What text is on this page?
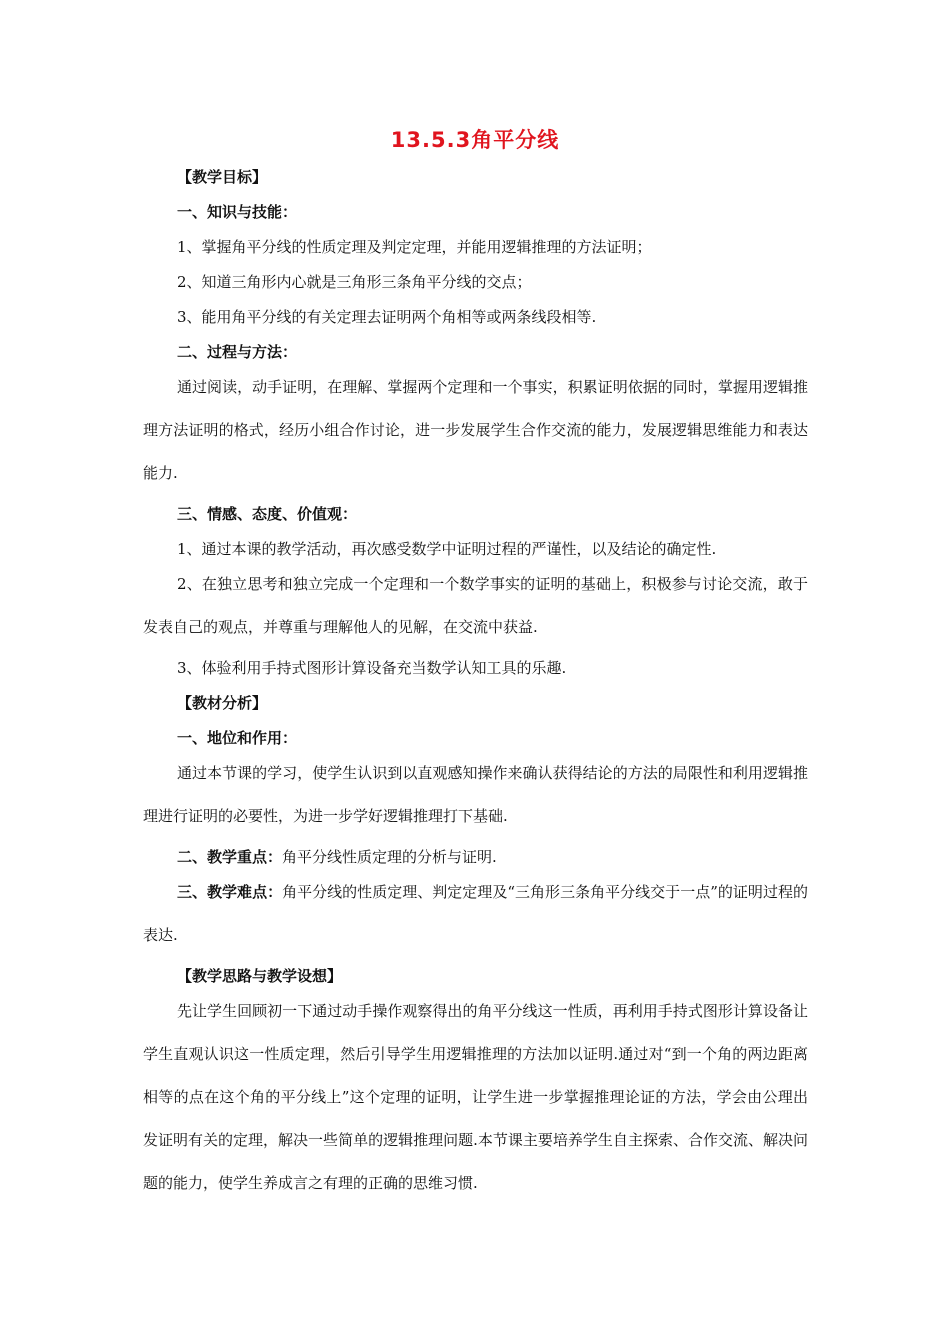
13.5.3角平分线

【教学目标】

一、知识与技能：

1、掌握角平分线的性质定理及判定定理，并能用逻辑推理的方法证明；

2、知道三角形内心就是三角形三条角平分线的交点；

3、能用角平分线的有关定理去证明两个角相等或两条线段相等.

二、过程与方法：

通过阅读，动手证明，在理解、掌握两个定理和一个事实，积累证明依据的同时，掌握用逻辑推理方法证明的格式，经历小组合作讨论，进一步发展学生合作交流的能力，发展逻辑思维能力和表达能力.

三、情感、态度、价值观：

1、通过本课的教学活动，再次感受数学中证明过程的严谨性，以及结论的确定性.

2、在独立思考和独立完成一个定理和一个数学事实的证明的基础上，积极参与讨论交流，敢于发表自己的观点，并尊重与理解他人的见解，在交流中获益.

3、体验利用手持式图形计算设备充当数学认知工具的乐趣.

【教材分析】

一、地位和作用：

通过本节课的学习，使学生认识到以直观感知操作来确认获得结论的方法的局限性和利用逻辑推理进行证明的必要性，为进一步学好逻辑推理打下基础.

二、教学重点：角平分线性质定理的分析与证明.

三、教学难点：角平分线的性质定理、判定定理及“三角形三条角平分线交于一点”的证明过程的表达.

【教学思路与教学设想】

先让学生回顾初一下通过动手操作观察得出的角平分线这一性质，再利用手持式图形计算设备让学生直观认识这一性质定理，然后引导学生用逻辑推理的方法加以证明.通过对“到一个角的两边距离相等的点在这个角的平分线上”这个定理的证明，让学生进一步掌握推理论证的方法，学会由公理出发证明有关的定理，解决一些简单的逻辑推理问题.本节课主要培养学生自主探索、合作交流、解决问题的能力，使学生养成言之有理的正确的思维习惯.
